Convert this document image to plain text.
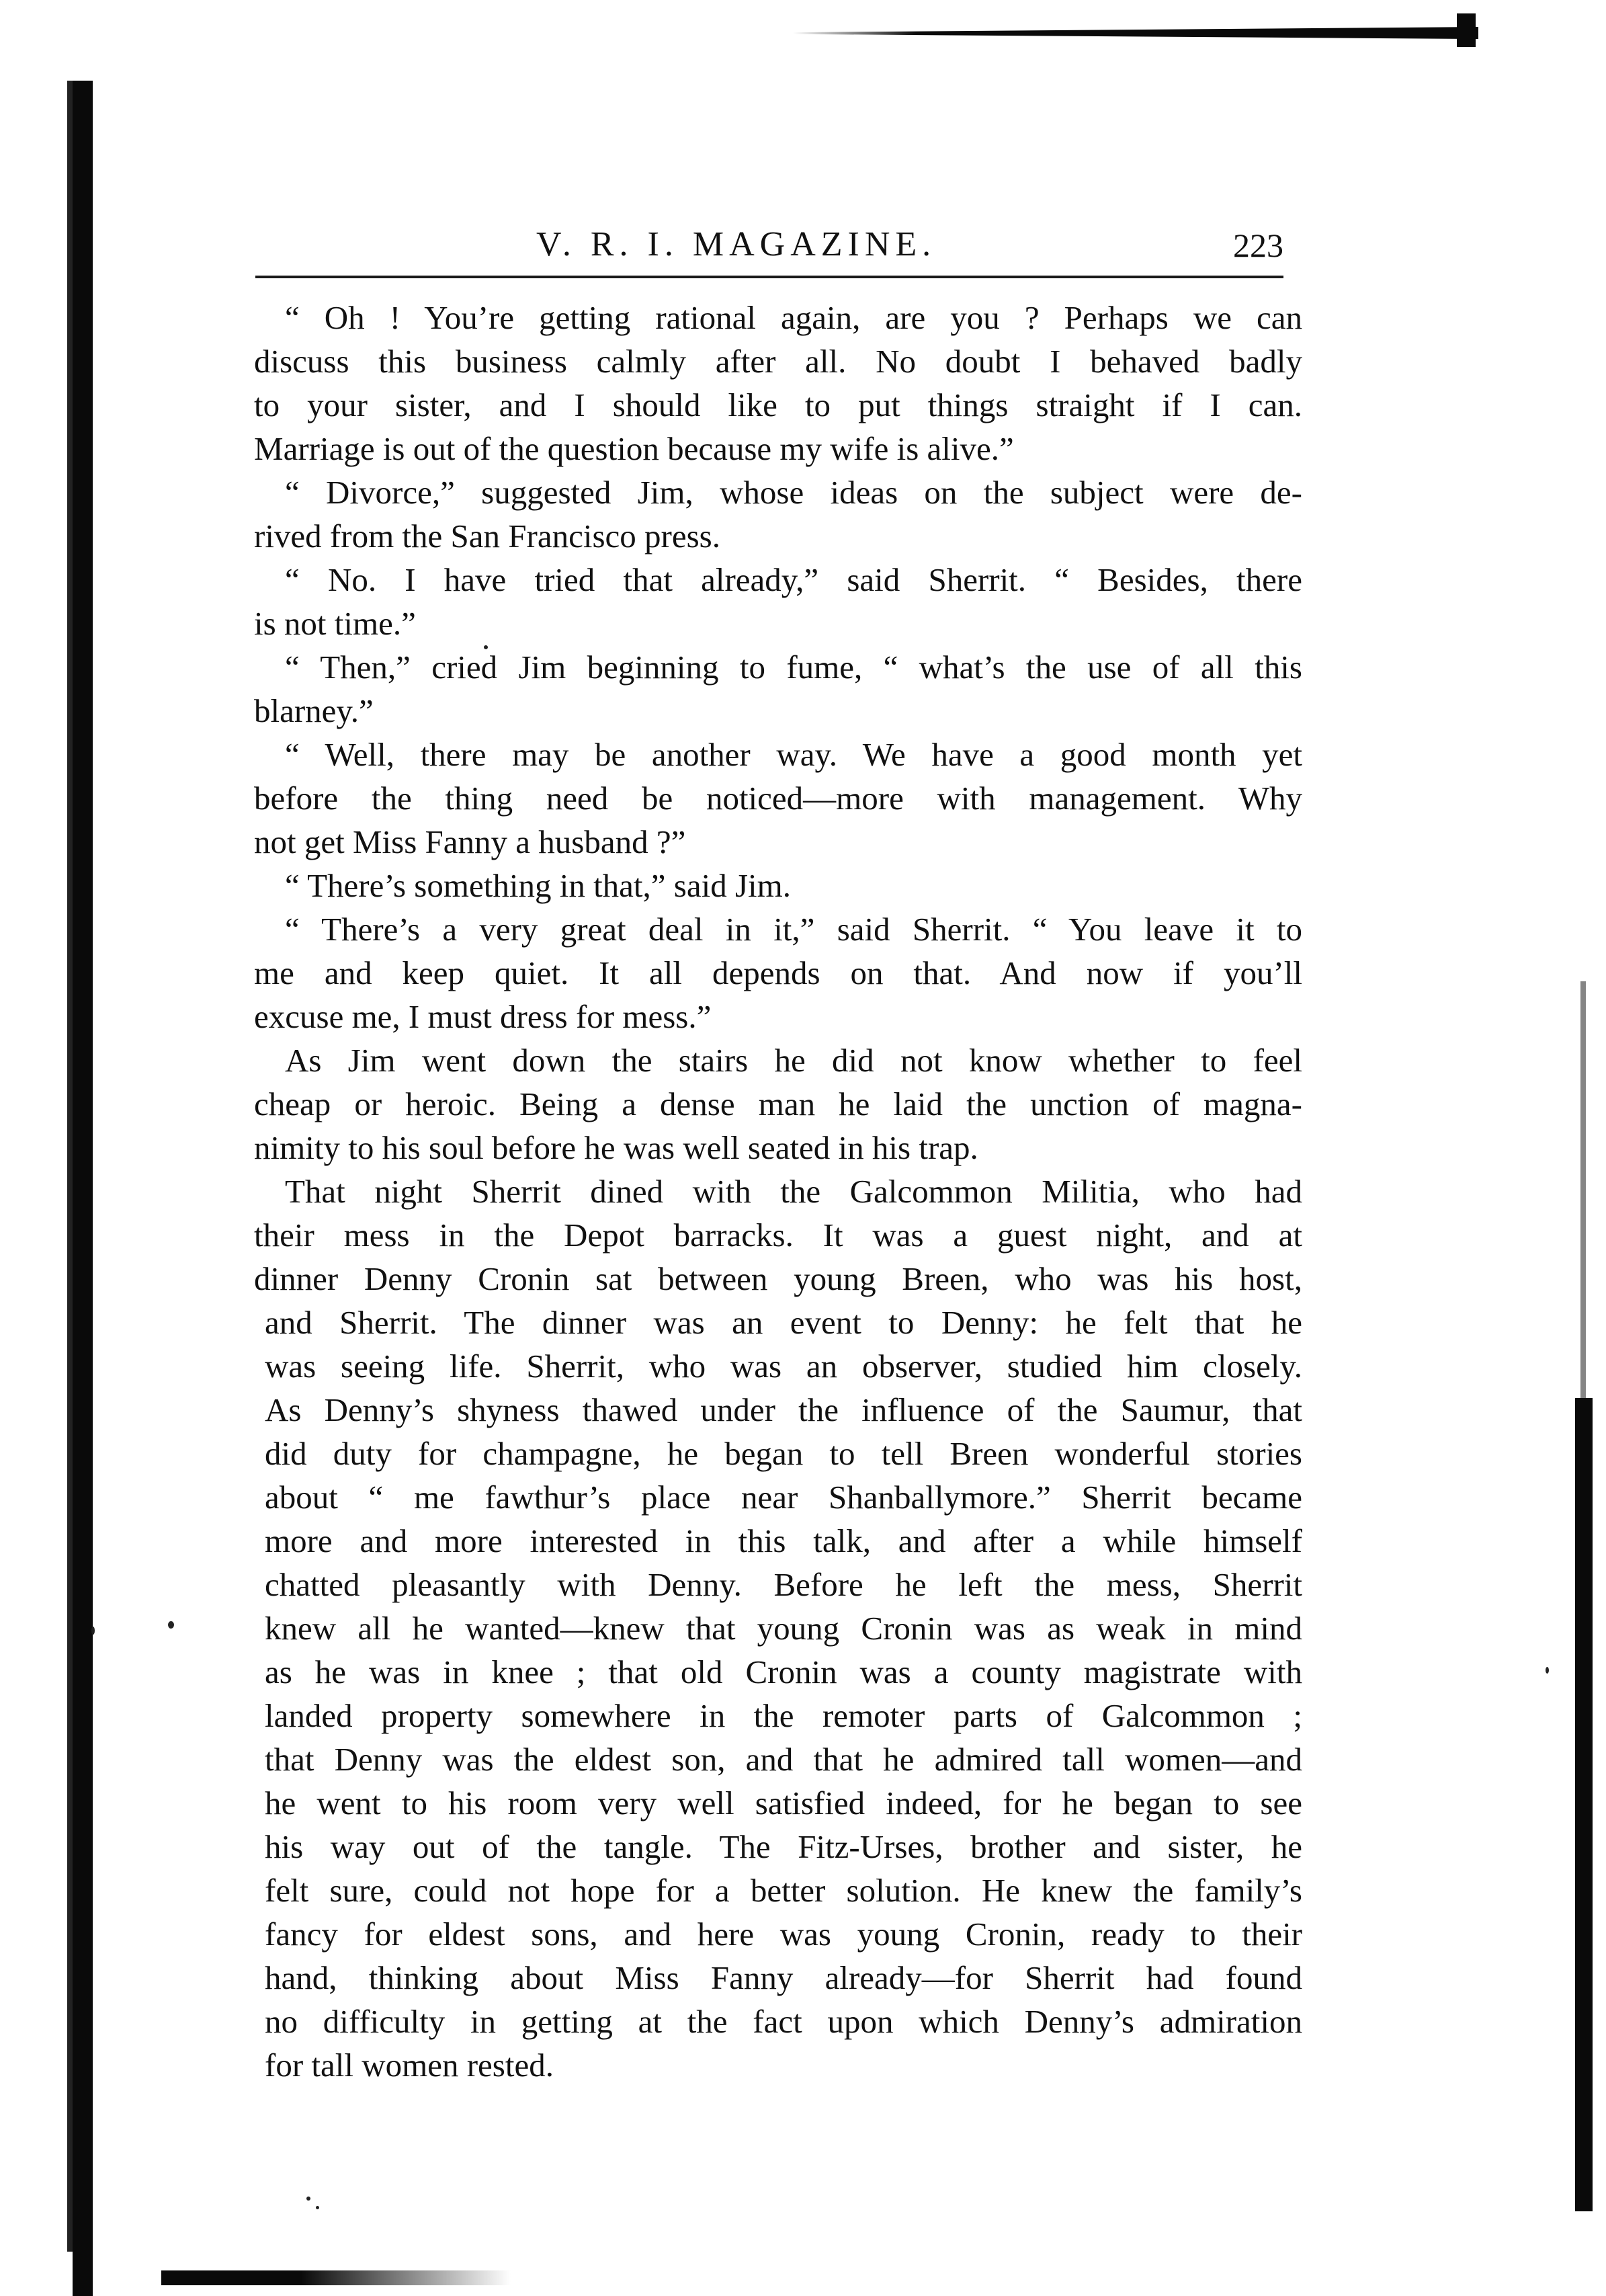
V. R. I. MAGAZINE.	223
“ Oh ! You’re getting rational again, are you ? Perhaps we can
discuss this business calmly after all. No doubt I behaved badly
to your sister, and I should like to put things straight if I can.
Marriage is out of the question because my wife is alive.”
“ Divorce,” suggested Jim, whose ideas on the subject were de-
rived from the San Francisco press.
“ No. I have tried that already,” said Sherrit. “ Besides, there
is not time.”
“ Then,” cried Jim beginning to fume, “ what’s the use of all this
blarney.”
“ Well, there may be another way. We have a good month yet
before the thing need be noticed—more with management. Why
not get Miss Fanny a husband ?”
“ There’s something in that,” said Jim.
“ There’s a very great deal in it,” said Sherrit. “ You leave it to
me and keep quiet. It all depends on that. And now if you’ll
excuse me, I must dress for mess.”
As Jim went down the stairs he did not know whether to feel
cheap or heroic. Being a dense man he laid the unction of magna-
nimity to his soul before he was well seated in his trap.
That night Sherrit dined with the Galcommon Militia, who had
their mess in the Depot barracks. It was a guest night, and at
dinner Denny Cronin sat between young Breen, who was his host,
and Sherrit. The dinner was an event to Denny: he felt that he
was seeing life. Sherrit, who was an observer, studied him closely.
As Denny’s shyness thawed under the influence of the Saumur, that
did duty for champagne, he began to tell Breen wonderful stories
about “ me fawthur’s place near Shanballymore.” Sherrit became
more and more interested in this talk, and after a while himself
chatted pleasantly with Denny. Before he left the mess, Sherrit
knew all he wanted—knew that young Cronin was as weak in mind
as he was in knee ; that old Cronin was a county magistrate with
landed property somewhere in the remoter parts of Galcommon ;
that Denny was the eldest son, and that he admired tall women—and
he went to his room very well satisfied indeed, for he began to see
his way out of the tangle. The Fitz-Urses, brother and sister, he
felt sure, could not hope for a better solution. He knew the family’s
fancy for eldest sons, and here was young Cronin, ready to their
hand, thinking about Miss Fanny already—for Sherrit had found
no difficulty in getting at the fact upon which Denny’s admiration
for tall women rested.
